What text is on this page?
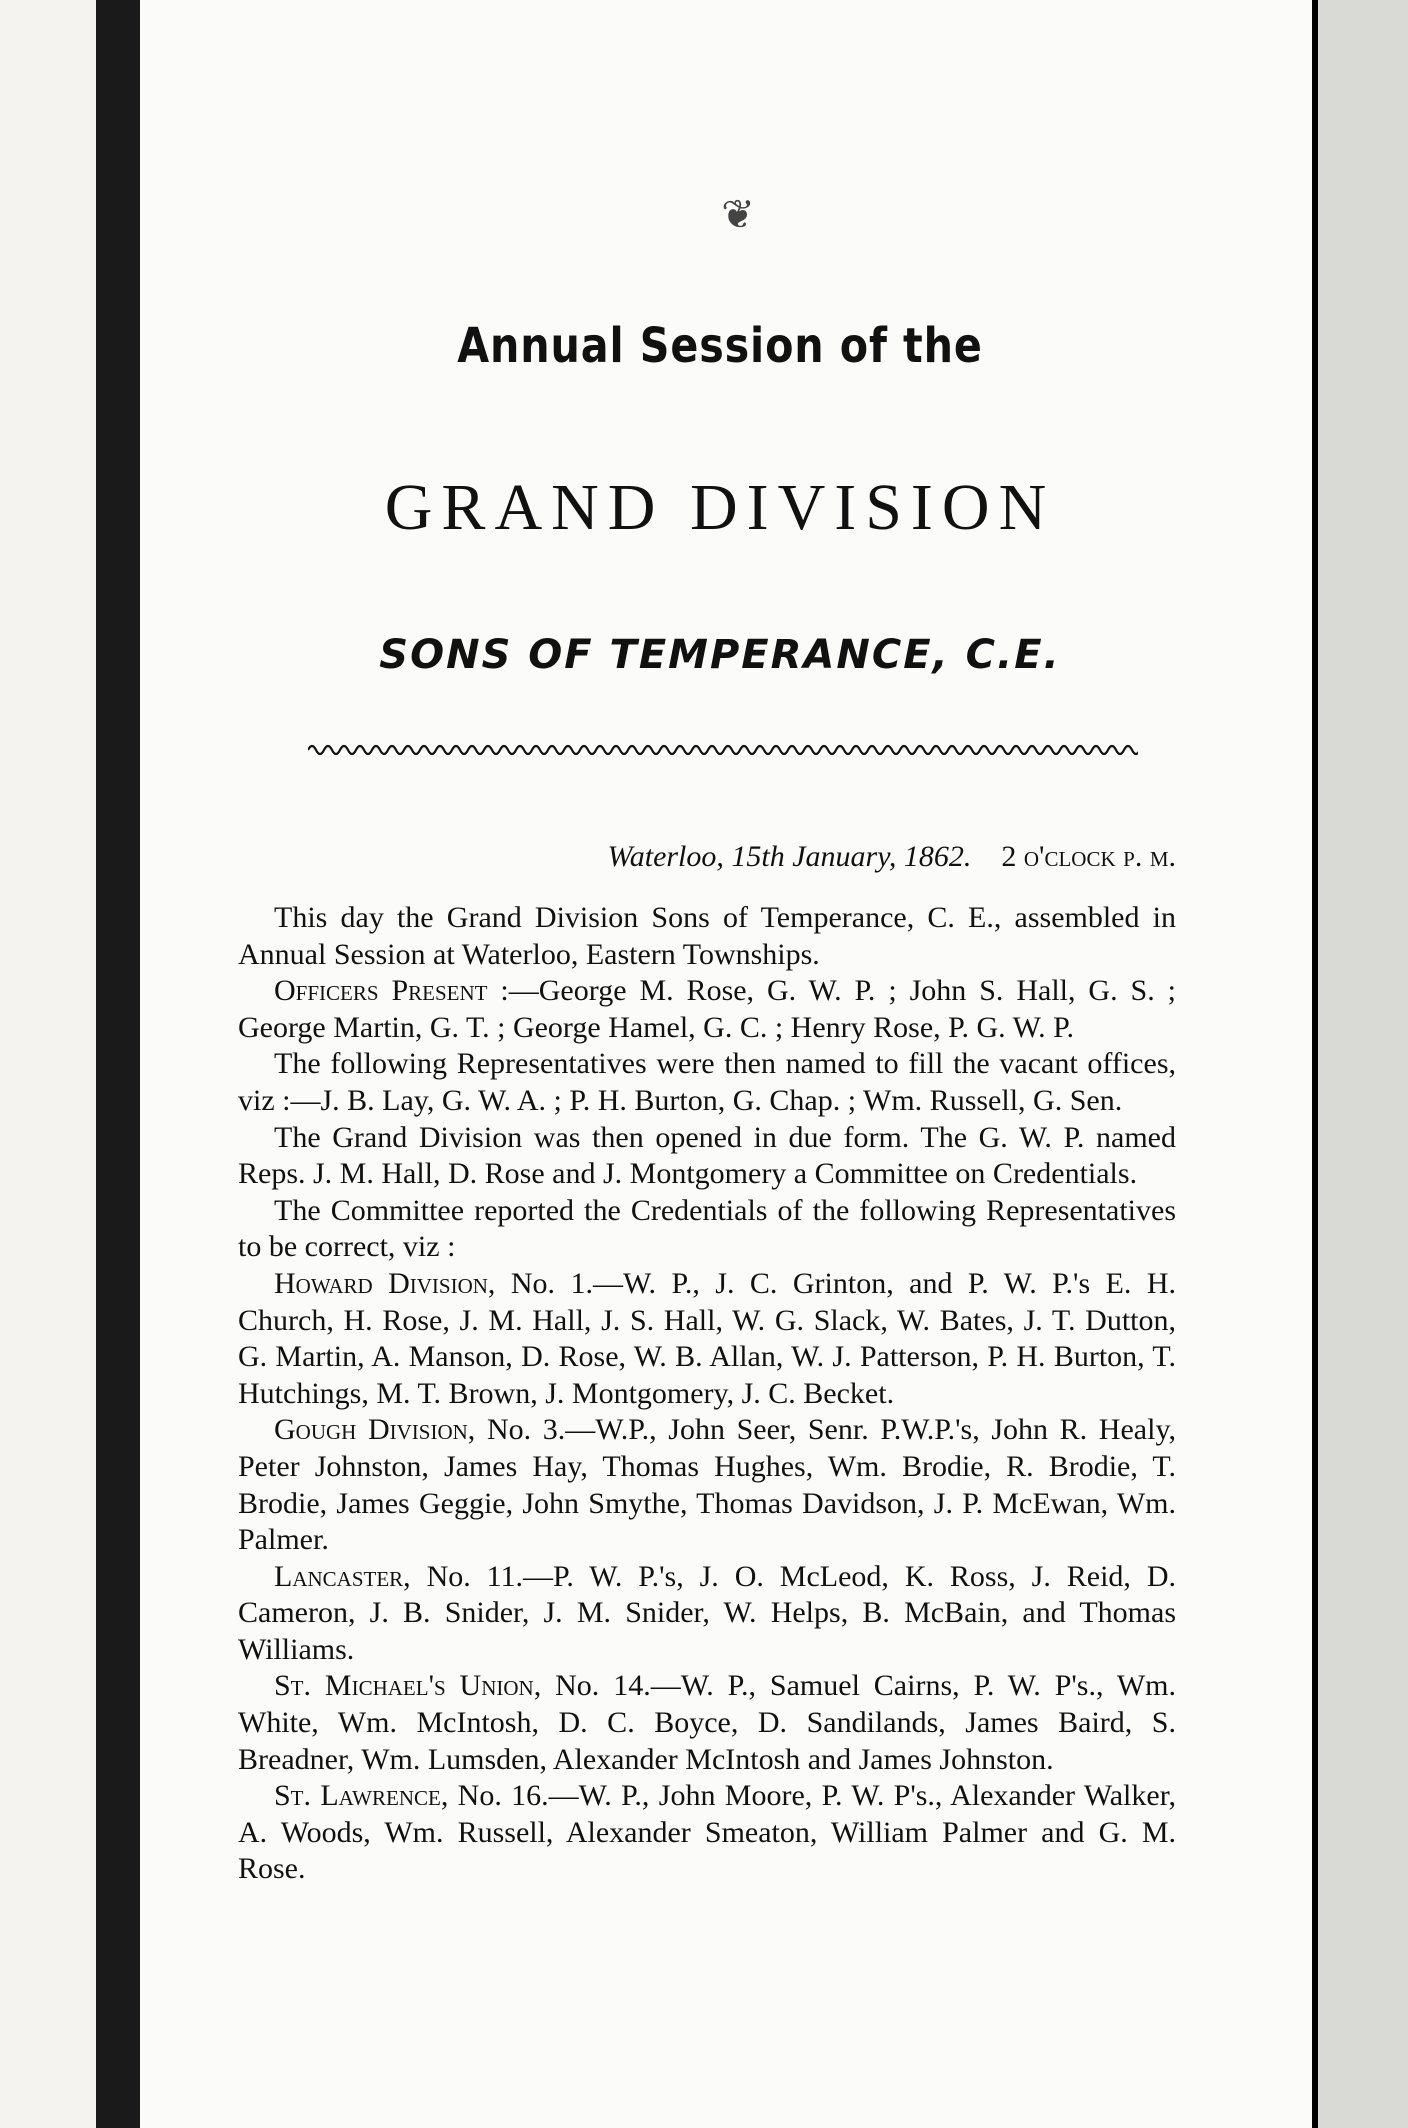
❦
Annual Session of the
GRAND DIVISION
SONS OF TEMPERANCE, C.E.
Waterloo, 15th January, 1862. 2 o'clock p. m.

This day the Grand Division Sons of Temperance, C. E., assembled in Annual Session at Waterloo, Eastern Townships.

Officers Present :—George M. Rose, G. W. P. ; John S. Hall, G. S. ; George Martin, G. T. ; George Hamel, G. C. ; Henry Rose, P. G. W. P.

The following Representatives were then named to fill the vacant offices, viz :—J. B. Lay, G. W. A. ; P. H. Burton, G. Chap. ; Wm. Russell, G. Sen.

The Grand Division was then opened in due form. The G. W. P. named Reps. J. M. Hall, D. Rose and J. Montgomery a Committee on Credentials.

The Committee reported the Credentials of the following Representatives to be correct, viz :

Howard Division, No. 1.—W. P., J. C. Grinton, and P. W. P.'s E. H. Church, H. Rose, J. M. Hall, J. S. Hall, W. G. Slack, W. Bates, J. T. Dutton, G. Martin, A. Manson, D. Rose, W. B. Allan, W. J. Patterson, P. H. Burton, T. Hutchings, M. T. Brown, J. Montgomery, J. C. Becket.

Gough Division, No. 3.—W.P., John Seer, Senr. P.W.P.'s, John R. Healy, Peter Johnston, James Hay, Thomas Hughes, Wm. Brodie, R. Brodie, T. Brodie, James Geggie, John Smythe, Thomas Davidson, J. P. McEwan, Wm. Palmer.

Lancaster, No. 11.—P. W. P.'s, J. O. McLeod, K. Ross, J. Reid, D. Cameron, J. B. Snider, J. M. Snider, W. Helps, B. McBain, and Thomas Williams.

St. Michael's Union, No. 14.—W. P., Samuel Cairns, P. W. P's., Wm. White, Wm. McIntosh, D. C. Boyce, D. Sandilands, James Baird, S. Breadner, Wm. Lumsden, Alexander McIntosh and James Johnston.

St. Lawrence, No. 16.—W. P., John Moore, P. W. P's., Alexander Walker, A. Woods, Wm. Russell, Alexander Smeaton, William Palmer and G. M. Rose.
